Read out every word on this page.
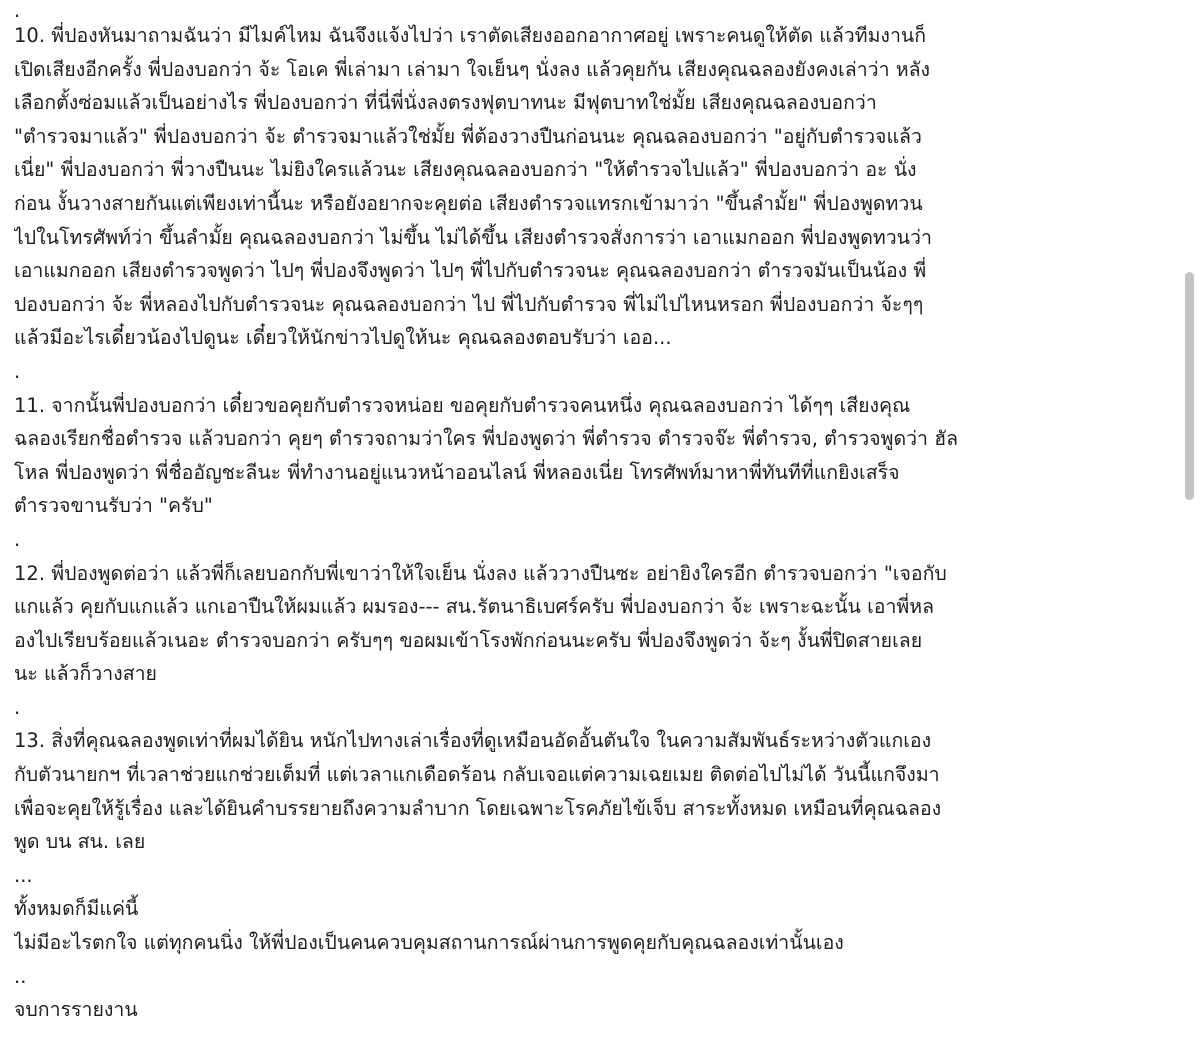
.

10. พี่ปองหันมาถามฉันว่า มีไมค์ไหม ฉันจึงแจ้งไปว่า เราตัดเสียงออกอากาศอยู่ เพราะคนดูให้ตัด แล้วทีมงานก็

เปิดเสียงอีกครั้ง พี่ปองบอกว่า จ้ะ โอเค พี่เล่ามา เล่ามา ใจเย็นๆ นั่งลง แล้วคุยกัน เสียงคุณฉลองยังคงเล่าว่า หลัง

เลือกตั้งซ่อมแล้วเป็นอย่างไร พี่ปองบอกว่า ที่นี่พี่นั่งลงตรงฟุตบาทนะ มีฟุตบาทใช่มั้ย เสียงคุณฉลองบอกว่า

"ตำรวจมาแล้ว" พี่ปองบอกว่า จ้ะ ตำรวจมาแล้วใช่มั้ย พี่ต้องวางปืนก่อนนะ คุณฉลองบอกว่า "อยู่กับตำรวจแล้ว

เนี่ย" พี่ปองบอกว่า พี่วางปืนนะ ไม่ยิงใครแล้วนะ เสียงคุณฉลองบอกว่า "ให้ตำรวจไปแล้ว" พี่ปองบอกว่า อะ นั่ง

ก่อน งั้นวางสายกันแต่เพียงเท่านี้นะ หรือยังอยากจะคุยต่อ เสียงตำรวจแทรกเข้ามาว่า "ขึ้นลำมั้ย" พี่ปองพูดทวน

ไปในโทรศัพท์ว่า ขึ้นลำมั้ย คุณฉลองบอกว่า ไม่ขึ้น ไม่ได้ขึ้น เสียงตำรวจสั่งการว่า เอาแมกออก พี่ปองพูดทวนว่า

เอาแมกออก เสียงตำรวจพูดว่า ไปๆ พี่ปองจึงพูดว่า ไปๆ พี่ไปกับตำรวจนะ คุณฉลองบอกว่า ตำรวจมันเป็นน้อง พี่

ปองบอกว่า จ้ะ พี่หลองไปกับตำรวจนะ คุณฉลองบอกว่า ไป พี่ไปกับตำรวจ พี่ไม่ไปไหนหรอก พี่ปองบอกว่า จ้ะๆๆ

แล้วมีอะไรเดี๋ยวน้องไปดูนะ เดี๋ยวให้นักข่าวไปดูให้นะ คุณฉลองตอบรับว่า เออ...

.

11. จากนั้นพี่ปองบอกว่า เดี๋ยวขอคุยกับตำรวจหน่อย ขอคุยกับตำรวจคนหนึ่ง คุณฉลองบอกว่า ได้ๆๆ เสียงคุณ

ฉลองเรียกชื่อตำรวจ แล้วบอกว่า คุยๆ ตำรวจถามว่าใคร พี่ปองพูดว่า พี่ตำรวจ ตำรวจจ๊ะ พี่ตำรวจ, ตำรวจพูดว่า ฮัล

โหล พี่ปองพูดว่า พี่ชื่ออัญชะลีนะ พี่ทำงานอยู่แนวหน้าออนไลน์ พี่หลองเนี่ย โทรศัพท์มาหาพี่ทันทีที่แกยิงเสร็จ

ตำรวจขานรับว่า "ครับ"

.

12. พี่ปองพูดต่อว่า แล้วพี่ก็เลยบอกกับพี่เขาว่าให้ใจเย็น นั่งลง แล้ววางปืนซะ อย่ายิงใครอีก ตำรวจบอกว่า "เจอกับ

แกแล้ว คุยกับแกแล้ว แกเอาปืนให้ผมแล้ว ผมรอง--- สน.รัตนาธิเบศร์ครับ พี่ปองบอกว่า จ้ะ เพราะฉะนั้น เอาพี่หล

องไปเรียบร้อยแล้วเนอะ ตำรวจบอกว่า ครับๆๆ ขอผมเข้าโรงพักก่อนนะครับ พี่ปองจึงพูดว่า จ้ะๆ งั้นพี่ปิดสายเลย

นะ แล้วก็วางสาย

.

13. สิ่งที่คุณฉลองพูดเท่าที่ผมได้ยิน หนักไปทางเล่าเรื่องที่ดูเหมือนอัดอั้นตันใจ ในความสัมพันธ์ระหว่างตัวแกเอง

กับตัวนายกฯ ที่เวลาช่วยแกช่วยเต็มที่ แต่เวลาแกเดือดร้อน กลับเจอแต่ความเฉยเมย ติดต่อไปไม่ได้ วันนี้แกจึงมา

เพื่อจะคุยให้รู้เรื่อง และได้ยินคำบรรยายถึงความลำบาก โดยเฉพาะโรคภัยไข้เจ็บ สาระทั้งหมด เหมือนที่คุณฉลอง

พูด บน สน. เลย

...

ทั้งหมดก็มีแค่นี้

ไม่มีอะไรตกใจ แต่ทุกคนนิ่ง ให้พี่ปองเป็นคนควบคุมสถานการณ์ผ่านการพูดคุยกับคุณฉลองเท่านั้นเอง

..

จบการรายงาน
